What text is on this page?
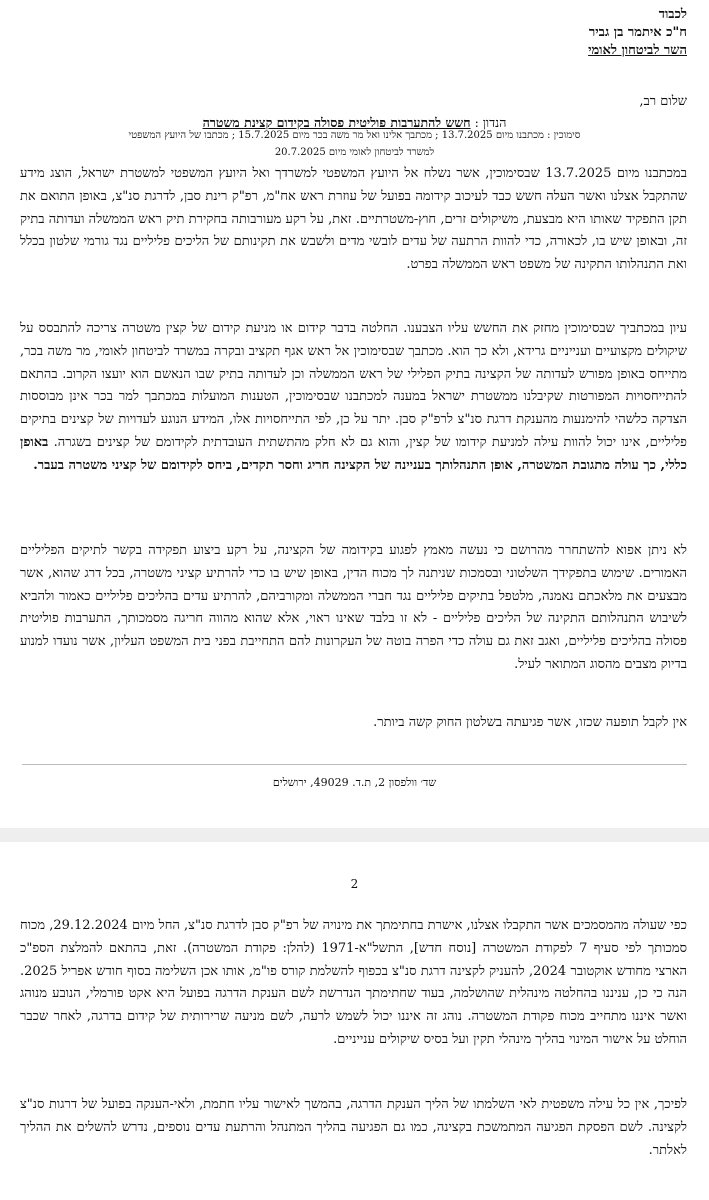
לכבוד
ח"כ איתמר בן גביר
השר לביטחון לאומי
שלום רב,
הנדון : חשש להתערבות פוליטית פסולה בקידום קצינת משטרה
סימוכין : מכתבנו מיום 13.7.2025 ; מכתבך אלינו ואל מר משה בכר מיום 15.7.2025 ; מכתבו של היועץ המשפטי
למשרד לביטחון לאומי מיום 20.7.2025
במכתבנו מיום 13.7.2025 שבסימוכין, אשר נשלח אל היועץ המשפטי למשרדך ואל היועץ המשפטי למשטרת ישראל, הוצג מידע שהתקבל אצלנו ואשר העלה חשש כבד לעיכוב קידומה בפועל של עוזרת ראש אח"מ, רפ"ק רינת סבן, לדרגת סנ"צ, באופן התואם את תקן התפקיד שאותו היא מבצעת, משיקולים זרים, חוץ-משטרתיים. זאת, על רקע מעורבותה בחקירת תיק ראש הממשלה ועדותה בתיק זה, ובאופן שיש בו, לכאורה, כדי להוות הרתעה של עדים לובשי מדים ולשבש את תקינותם של הליכים פליליים נגד גורמי שלטון בכלל ואת התנהלותו התקינה של משפט ראש הממשלה בפרט.
עיון במכתביך שבסימוכין מחזק את החשש עליו הצבענו. החלטה בדבר קידום או מניעת קידום של קצין משטרה צריכה להתבסס על שיקולים מקצועיים וענייניים גרידא, ולא כך הוא. מכתבך שבסימוכין אל ראש אגף תקציב ובקרה במשרד לביטחון לאומי, מר משה בכר, מתייחס באופן מפורש לעדותה של הקצינה בתיק הפלילי של ראש הממשלה וכן לעדותה בתיק שבו הנאשם הוא יועצו הקרוב. בהתאם להתייחסויות המפורטות שקיבלנו ממשטרת ישראל במענה למכתבנו שבסימוכין, הטענות המועלות במכתבך למר בכר אינן מבוססות הצדקה כלשהי להימנעות מהענקת דרגת סנ"צ לרפ"ק סבן. יתר על כן, לפי התייחסויות אלו, המידע הנוגע לעדויות של קצינים בתיקים פליליים, אינו יכול להוות עילה למניעת קידומו של קצין, והוא גם לא חלק מהתשתית העובדתית לקידומם של קצינים בשגרה. באופן כללי, כך עולה מתגובת המשטרה, אופן התנהלותך בעניינה של הקצינה חריג וחסר תקדים, ביחס לקידומם של קציני משטרה בעבר.
לא ניתן אפוא להשתחרר מהרושם כי נעשה מאמץ לפגוע בקידומה של הקצינה, על רקע ביצוע תפקידה בקשר לתיקים הפליליים האמורים. שימוש בתפקידך השלטוני ובסמכות שניתנה לך מכוח הדין, באופן שיש בו כדי להרתיע קציני משטרה, בכל דרג שהוא, אשר מבצעים את מלאכתם נאמנה, מלטפל בתיקים פליליים נגד חברי הממשלה ומקורביהם, להרתיע עדים בהליכים פליליים כאמור ולהביא לשיבוש התנהלותם התקינה של הליכים פליליים - לא זו בלבד שאינו ראוי, אלא שהוא מהווה חריגה מסמכותך, התערבות פוליטית פסולה בהליכים פליליים, ואגב זאת גם עולה כדי הפרה בוטה של העקרונות להם התחייבת בפני בית המשפט העליון, אשר נועדו למנוע בדיוק מצבים מהסוג המתואר לעיל.
אין לקבל תופעה שכזו, אשר פגיעתה בשלטון החוק קשה ביותר.
שד׳ וולפסון 2, ת.ד. 49029, ירושלים
2
כפי שעולה מהמסמכים אשר התקבלו אצלנו, אישרת בחתימתך את מינויה של רפ"ק סבן לדרגת סנ"צ, החל מיום 29.12.2024, מכוח סמכותך לפי סעיף 7 לפקודת המשטרה [נוסח חדש], התשל"א-1971 (להלן: פקודת המשטרה). זאת, בהתאם להמלצת הספ"כ הארצי מחודש אוקטובר 2024, להעניק לקצינה דרגת סנ"צ בכפוף להשלמת קורס פו"מ, אותו אכן השלימה בסוף חודש אפריל 2025. הנה כי כן, עניננו בהחלטה מינהלית שהושלמה, בעוד שחתימתך הנדרשת לשם הענקת הדרגה בפועל היא אקט פורמלי, הנובע מנוהג ואשר איננו מתחייב מכוח פקודת המשטרה. נוהג זה איננו יכול לשמש לרעה, לשם מניעה שרירותית של קידום בדרגה, לאחר שכבר הוחלט על אישור המינוי בהליך מינהלי תקין ועל בסיס שיקולים ענייניים.
לפיכך, אין כל עילה משפטית לאי השלמתו של הליך הענקת הדרגה, בהמשך לאישור עליו חתמת, ולאי-הענקה בפועל של דרגות סנ"צ לקצינה. לשם הפסקת הפגיעה המתמשכת בקצינה, כמו גם הפגיעה בהליך המתנהל והרתעת עדים נוספים, נדרש להשלים את ההליך לאלתר.
